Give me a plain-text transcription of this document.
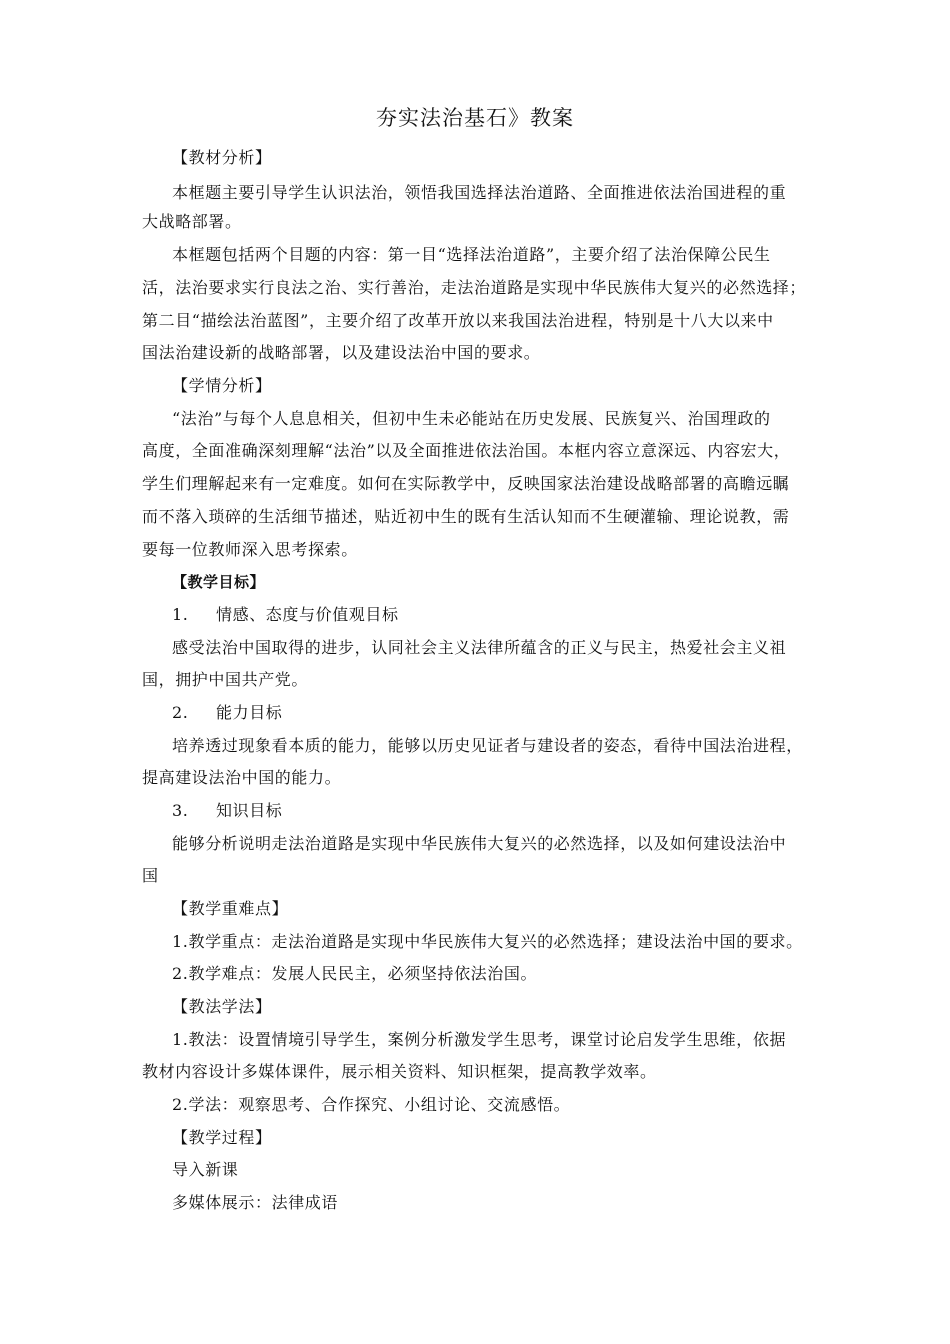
夯实法治基石》教案
【教材分析】
本框题主要引导学生认识法治，领悟我国选择法治道路、全面推进依法治国进程的重
大战略部署。
本框题包括两个目题的内容：第一目“选择法治道路”，主要介绍了法治保障公民生
活，法治要求实行良法之治、实行善治，走法治道路是实现中华民族伟大复兴的必然选择；
第二目“描绘法治蓝图”，主要介绍了改革开放以来我国法治进程，特别是十八大以来中
国法治建设新的战略部署，以及建设法治中国的要求。
【学情分析】
“法治”与每个人息息相关，但初中生未必能站在历史发展、民族复兴、治国理政的
高度，全面准确深刻理解“法治”以及全面推进依法治国。本框内容立意深远、内容宏大，
学生们理解起来有一定难度。如何在实际教学中，反映国家法治建设战略部署的高瞻远瞩
而不落入琐碎的生活细节描述，贴近初中生的既有生活认知而不生硬灌输、理论说教，需
要每一位教师深入思考探索。
【教学目标】
1. 情感、态度与价值观目标
感受法治中国取得的进步，认同社会主义法律所蕴含的正义与民主，热爱社会主义祖
国，拥护中国共产党。
2. 能力目标
培养透过现象看本质的能力，能够以历史见证者与建设者的姿态，看待中国法治进程，
提高建设法治中国的能力。
3. 知识目标
能够分析说明走法治道路是实现中华民族伟大复兴的必然选择，以及如何建设法治中
国
【教学重难点】
1.教学重点：走法治道路是实现中华民族伟大复兴的必然选择；建设法治中国的要求。
2.教学难点：发展人民民主，必须坚持依法治国。
【教法学法】
1.教法：设置情境引导学生，案例分析激发学生思考，课堂讨论启发学生思维，依据
教材内容设计多媒体课件，展示相关资料、知识框架，提高教学效率。
2.学法：观察思考、合作探究、小组讨论、交流感悟。
【教学过程】
导入新课
多媒体展示：法律成语
